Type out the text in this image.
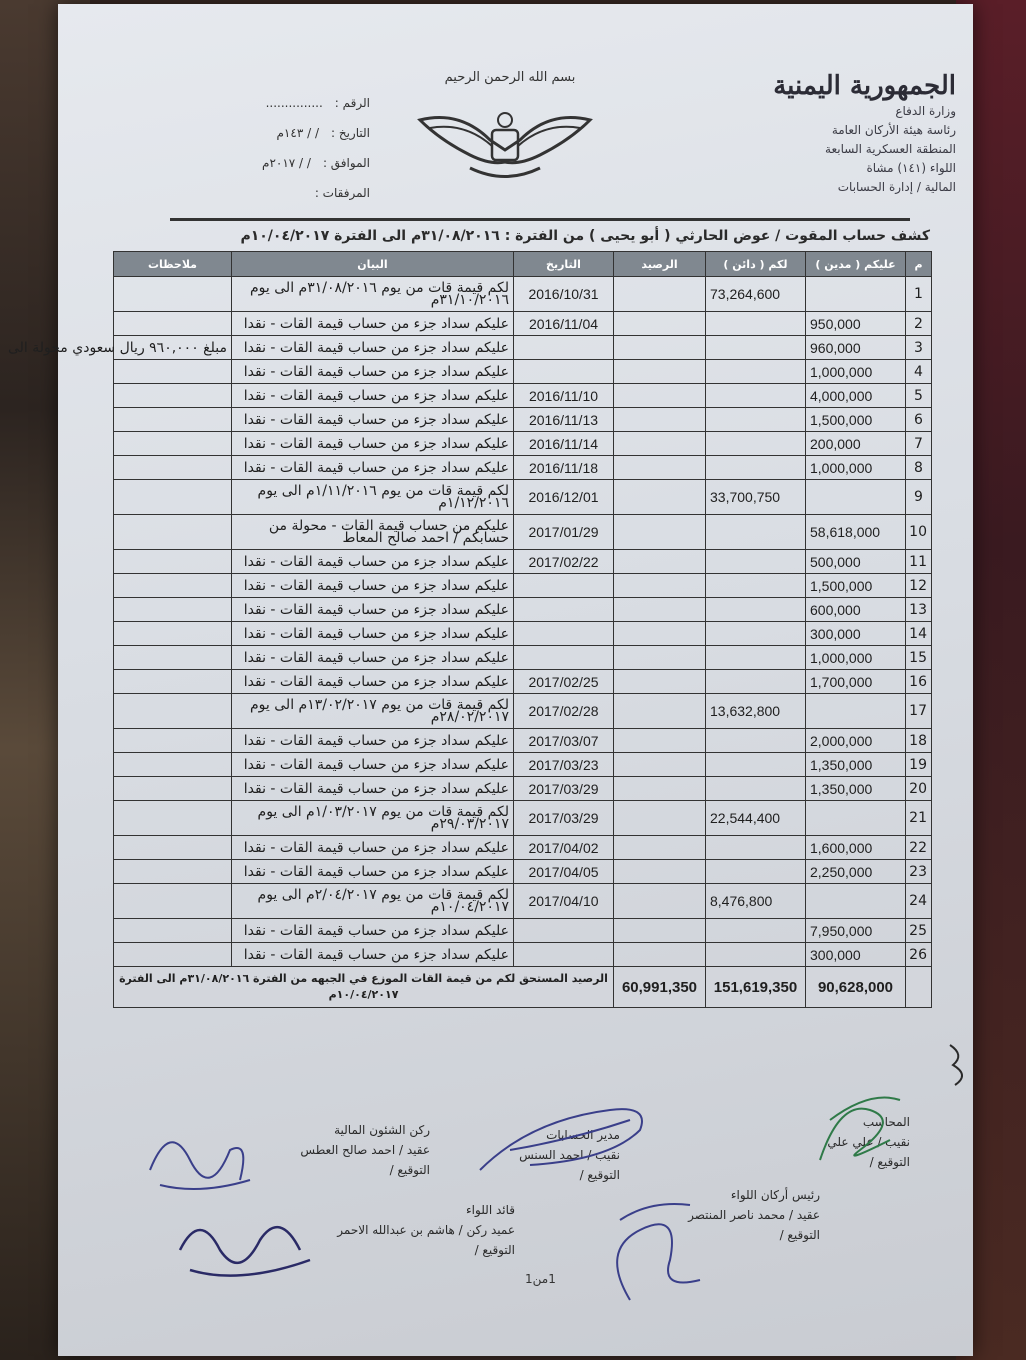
الجمهورية اليمنية
وزارة الدفاع
رئاسة هيئة الأركان العامة
المنطقة العسكرية السابعة
اللواء (١٤١) مشاة
المالية / إدارة الحسابات
بسم الله الرحمن الرحيم
الرقم :
...............
التاريخ :
/ / ١٤٣م
الموافق :
/ / ٢٠١٧م
المرفقات :
كشف حساب المقوت / عوض الحارثي ( أبو يحيى ) من الفترة : ٣١/٠٨/٢٠١٦م الى الفترة ١٠/٠٤/٢٠١٧م
م	عليكم ( مدين )	لكم ( دائن )	الرصيد	التاريخ	البيان	ملاحظات
1		73,264,600		2016/10/31	لكم قيمة قات من يوم ٣١/٠٨/٢٠١٦م الى يوم ٣١/١٠/٢٠١٦م	
2	950,000			2016/11/04	عليكم سداد جزء من حساب قيمة القات - نقدا	
3	960,000				عليكم سداد جزء من حساب قيمة القات - نقدا	مبلغ ٩٦٠,٠٠٠ ريال سعودي محولة الى
4	1,000,000				عليكم سداد جزء من حساب قيمة القات - نقدا	
5	4,000,000			2016/11/10	عليكم سداد جزء من حساب قيمة القات - نقدا	
6	1,500,000			2016/11/13	عليكم سداد جزء من حساب قيمة القات - نقدا	
7	200,000			2016/11/14	عليكم سداد جزء من حساب قيمة القات - نقدا	
8	1,000,000			2016/11/18	عليكم سداد جزء من حساب قيمة القات - نقدا	
9		33,700,750		2016/12/01	لكم قيمة قات من يوم ١/١١/٢٠١٦م الى يوم ١/١٢/٢٠١٦م	
10	58,618,000			2017/01/29	عليكم من حساب قيمة القات - محولة من حسابكم / احمد صالح المعاط	
11	500,000			2017/02/22	عليكم سداد جزء من حساب قيمة القات - نقدا	
12	1,500,000				عليكم سداد جزء من حساب قيمة القات - نقدا	
13	600,000				عليكم سداد جزء من حساب قيمة القات - نقدا	
14	300,000				عليكم سداد جزء من حساب قيمة القات - نقدا	
15	1,000,000				عليكم سداد جزء من حساب قيمة القات - نقدا	
16	1,700,000			2017/02/25	عليكم سداد جزء من حساب قيمة القات - نقدا	
17		13,632,800		2017/02/28	لكم قيمة قات من يوم ١٣/٠٢/٢٠١٧م الى يوم ٢٨/٠٢/٢٠١٧م	
18	2,000,000			2017/03/07	عليكم سداد جزء من حساب قيمة القات - نقدا	
19	1,350,000			2017/03/23	عليكم سداد جزء من حساب قيمة القات - نقدا	
20	1,350,000			2017/03/29	عليكم سداد جزء من حساب قيمة القات - نقدا	
21		22,544,400		2017/03/29	لكم قيمة قات من يوم ١/٠٣/٢٠١٧م الى يوم ٢٩/٠٣/٢٠١٧م	
22	1,600,000			2017/04/02	عليكم سداد جزء من حساب قيمة القات - نقدا	
23	2,250,000			2017/04/05	عليكم سداد جزء من حساب قيمة القات - نقدا	
24		8,476,800		2017/04/10	لكم قيمة قات من يوم ٢/٠٤/٢٠١٧م الى يوم ١٠/٠٤/٢٠١٧م	
25	7,950,000				عليكم سداد جزء من حساب قيمة القات - نقدا	
26	300,000				عليكم سداد جزء من حساب قيمة القات - نقدا	
	90,628,000	151,619,350	60,991,350	الرصيد المستحق لكم من قيمة القات الموزع في الجبهه من الفترة ٣١/٠٨/٢٠١٦م الى الفترة ١٠/٠٤/٢٠١٧م		
ركن الشئون المالية
عقيد / احمد صالح العطس
التوقيع /
مدير الحسابات
نقيب / احمد السنس
التوقيع /
المحاسب
نقيب / علي علي
التوقيع /
قائد اللواء
عميد ركن / هاشم بن عبدالله الاحمر
التوقيع /
رئيس أركان اللواء
عقيد / محمد ناصر المنتصر
التوقيع /
1من1
